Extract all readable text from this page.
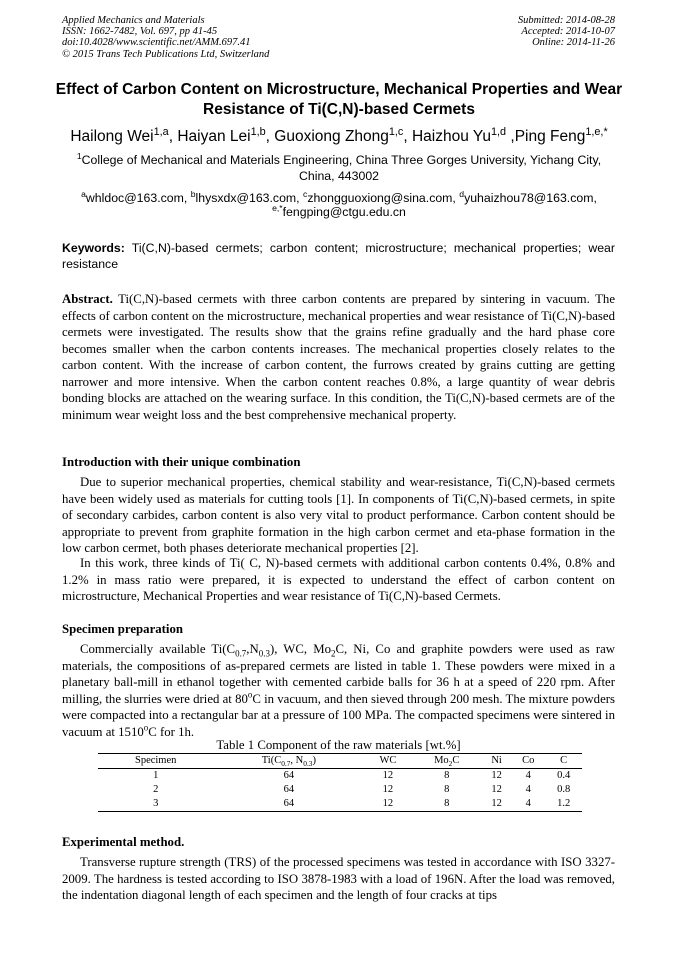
Applied Mechanics and Materials
ISSN: 1662-7482, Vol. 697, pp 41-45
doi:10.4028/www.scientific.net/AMM.697.41
© 2015 Trans Tech Publications Ltd, Switzerland
Submitted: 2014-08-28
Accepted: 2014-10-07
Online: 2014-11-26
Effect of Carbon Content on Microstructure, Mechanical Properties and Wear Resistance of Ti(C,N)-based Cermets
Hailong Wei$^{1,a}$, Haiyan Lei$^{1,b}$, Guoxiong Zhong$^{1,c}$, Haizhou Yu$^{1,d}$ ,Ping Feng$^{1,e,*}$
$^1$College of Mechanical and Materials Engineering, China Three Gorges University, Yichang City, China, 443002
$^a$whldoc@163.com, $^b$lhysxdx@163.com, $^c$zhongguoxiong@sina.com, $^d$yuhaizhou78@163.com,
$^{e,*}$fengping@ctgu.edu.cn
Keywords: Ti(C,N)-based cermets; carbon content; microstructure; mechanical properties; wear resistance
Abstract. Ti(C,N)-based cermets with three carbon contents are prepared by sintering in vacuum. The effects of carbon content on the microstructure, mechanical properties and wear resistance of Ti(C,N)-based cermets were investigated. The results show that the grains refine gradually and the hard phase core becomes smaller when the carbon contents increases. The mechanical properties closely relates to the carbon content. With the increase of carbon content, the furrows created by grains cutting are getting narrower and more intensive. When the carbon content reaches 0.8%, a large quantity of wear debris bonding blocks are attached on the wearing surface. In this condition, the Ti(C,N)-based cermets are of the minimum wear weight loss and the best comprehensive mechanical property.
Introduction with their unique combination
Due to superior mechanical properties, chemical stability and wear-resistance, Ti(C,N)-based cermets have been widely used as materials for cutting tools [1]. In components of Ti(C,N)-based cermets, in spite of secondary carbides, carbon content is also very vital to product performance. Carbon content should be appropriate to prevent from graphite formation in the high carbon cermet and eta-phase formation in the low carbon cermet, both phases deteriorate mechanical properties [2].
In this work, three kinds of Ti( C, N)-based cermets with additional carbon contents 0.4%, 0.8% and 1.2% in mass ratio were prepared, it is expected to understand the effect of carbon content on microstructure, Mechanical Properties and wear resistance of Ti(C,N)-based Cermets.
Specimen preparation
Commercially available $Ti(C_{0.7},N_{0.3})$, WC, $Mo_2C$, Ni, Co and graphite powders were used as raw materials, the compositions of as-prepared cermets are listed in table 1. These powders were mixed in a planetary ball-mill in ethanol together with cemented carbide balls for 36 h at a speed of 220 rpm. After milling, the slurries were dried at 80$^o$C in vacuum, and then sieved through 200 mesh. The mixture powders were compacted into a rectangular bar at a pressure of 100 MPa. The compacted specimens were sintered in vacuum at 1510$^o$C for 1h.
Table 1 Component of the raw materials [wt.%]
Specimen	$Ti(C_{0.7}$, $N_{0.3}$)	WC	$Mo_2C$	Ni	Co	C
1	64	12	8	12	4	0.4
2	64	12	8	12	4	0.8
3	64	12	8	12	4	1.2
Experimental method.
Transverse rupture strength (TRS) of the processed specimens was tested in accordance with ISO 3327-2009. The hardness is tested according to ISO 3878-1983 with a load of 196N. After the load was removed, the indentation diagonal length of each specimen and the length of four cracks at tips
